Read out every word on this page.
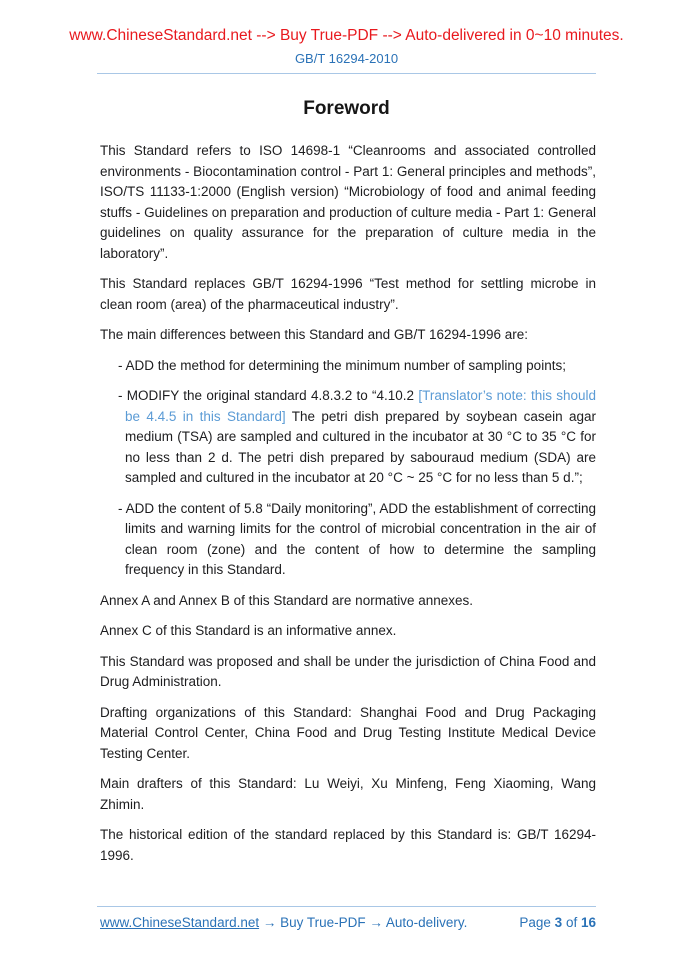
www.ChineseStandard.net --> Buy True-PDF --> Auto-delivered in 0~10 minutes.
GB/T 16294-2010
Foreword

This Standard refers to ISO 14698-1 “Cleanrooms and associated controlled environments - Biocontamination control - Part 1: General principles and methods”, ISO/TS 11133-1:2000 (English version) “Microbiology of food and animal feeding stuffs - Guidelines on preparation and production of culture media - Part 1: General guidelines on quality assurance for the preparation of culture media in the laboratory”.

This Standard replaces GB/T 16294-1996 “Test method for settling microbe in clean room (area) of the pharmaceutical industry”.

The main differences between this Standard and GB/T 16294-1996 are:

- ADD the method for determining the minimum number of sampling points;

- MODIFY the original standard 4.8.3.2 to “4.10.2 [Translator’s note: this should be 4.4.5 in this Standard] The petri dish prepared by soybean casein agar medium (TSA) are sampled and cultured in the incubator at 30 °C to 35 °C for no less than 2 d. The petri dish prepared by sabouraud medium (SDA) are sampled and cultured in the incubator at 20 °C ~ 25 °C for no less than 5 d.”;

- ADD the content of 5.8 “Daily monitoring”, ADD the establishment of correcting limits and warning limits for the control of microbial concentration in the air of clean room (zone) and the content of how to determine the sampling frequency in this Standard.

Annex A and Annex B of this Standard are normative annexes.

Annex C of this Standard is an informative annex.

This Standard was proposed and shall be under the jurisdiction of China Food and Drug Administration.

Drafting organizations of this Standard: Shanghai Food and Drug Packaging Material Control Center, China Food and Drug Testing Institute Medical Device Testing Center.

Main drafters of this Standard: Lu Weiyi, Xu Minfeng, Feng Xiaoming, Wang Zhimin.

The historical edition of the standard replaced by this Standard is: GB/T 16294-1996.

www.ChineseStandard.net → Buy True-PDF → Auto-delivery.	Page 3 of 16
